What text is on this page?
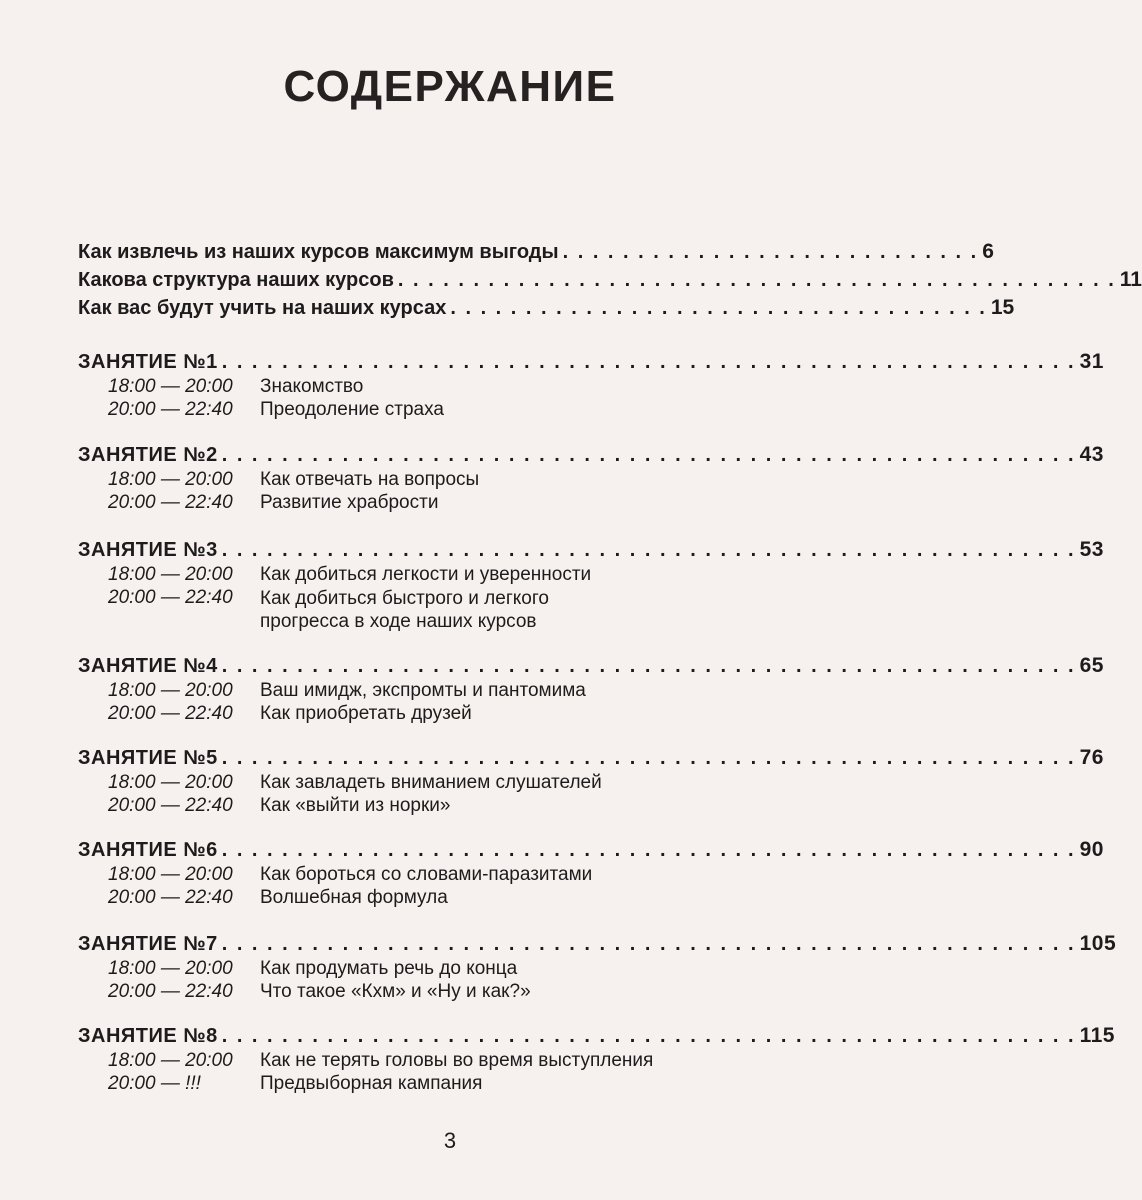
СОДЕРЖАНИЕ
Как извлечь из наших курсов максимум выгоды . . . . . . . . . . . . . . . . . . . . . . . . . . . . 6
Какова структура наших курсов . . . . . . . . . . . . . . . . . . . . . . . . . . . . . . . . . . . . . . . . . . . . . . . . 11
Как вас будут учить на наших курсах . . . . . . . . . . . . . . . . . . . . . . . . . . . . . . . . . . . . 15
ЗАНЯТИЕ №1 . . . . . . . . . . . . . . . . . . . . . . . . . . . . . . . . . . . . . . . . . . . . . . . . . . . . . . . . . 31
18:00 — 20:00	Знакомство
20:00 — 22:40	Преодоление страха
ЗАНЯТИЕ №2 . . . . . . . . . . . . . . . . . . . . . . . . . . . . . . . . . . . . . . . . . . . . . . . . . . . . . . . . . 43
18:00 — 20:00	Как отвечать на вопросы
20:00 — 22:40	Развитие храбрости
ЗАНЯТИЕ №3 . . . . . . . . . . . . . . . . . . . . . . . . . . . . . . . . . . . . . . . . . . . . . . . . . . . . . . . . . 53
18:00 — 20:00	Как добиться легкости и уверенности
20:00 — 22:40	Как добиться быстрого и легкого прогресса в ходе наших курсов
ЗАНЯТИЕ №4 . . . . . . . . . . . . . . . . . . . . . . . . . . . . . . . . . . . . . . . . . . . . . . . . . . . . . . . . . 65
18:00 — 20:00	Ваш имидж, экспромты и пантомима
20:00 — 22:40	Как приобретать друзей
ЗАНЯТИЕ №5 . . . . . . . . . . . . . . . . . . . . . . . . . . . . . . . . . . . . . . . . . . . . . . . . . . . . . . . . . 76
18:00 — 20:00	Как завладеть вниманием слушателей
20:00 — 22:40	Как «выйти из норки»
ЗАНЯТИЕ №6 . . . . . . . . . . . . . . . . . . . . . . . . . . . . . . . . . . . . . . . . . . . . . . . . . . . . . . . . . 90
18:00 — 20:00	Как бороться со словами-паразитами
20:00 — 22:40	Волшебная формула
ЗАНЯТИЕ №7 . . . . . . . . . . . . . . . . . . . . . . . . . . . . . . . . . . . . . . . . . . . . . . . . . . . . . . . . . 105
18:00 — 20:00	Как продумать речь до конца
20:00 — 22:40	Что такое «Кхм» и «Ну и как?»
ЗАНЯТИЕ №8 . . . . . . . . . . . . . . . . . . . . . . . . . . . . . . . . . . . . . . . . . . . . . . . . . . . . . . . . . 115
18:00 — 20:00	Как не терять головы во время выступления
20:00 — !!!	Предвыборная кампания
3
